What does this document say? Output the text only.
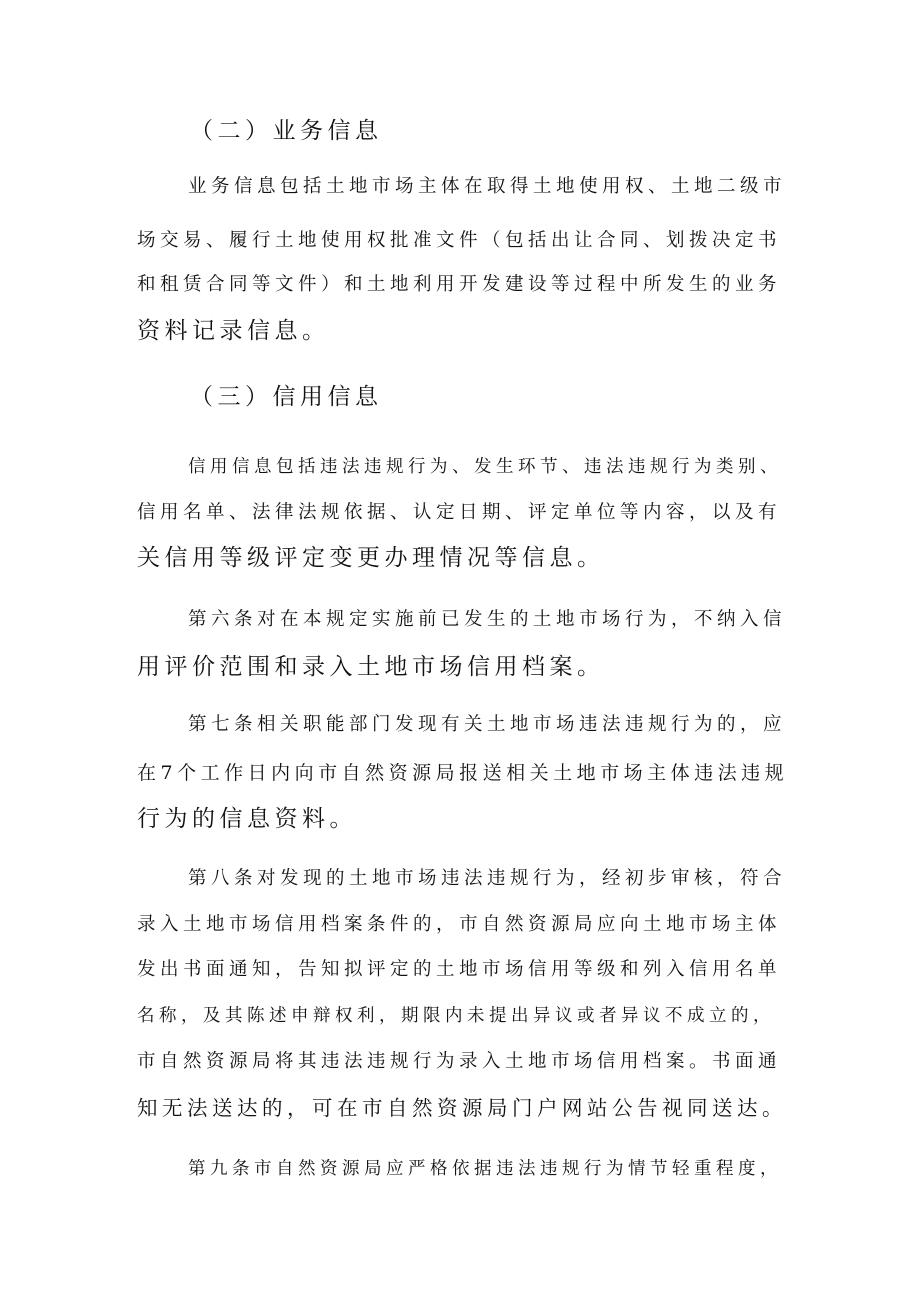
（二）业务信息
业务信息包括土地市场主体在取得土地使用权、土地二级市
场交易、履行土地使用权批准文件（包括出让合同、划拨决定书
和租赁合同等文件）和土地利用开发建设等过程中所发生的业务
资料记录信息。
（三）信用信息
信用信息包括违法违规行为、发生环节、违法违规行为类别、
信用名单、法律法规依据、认定日期、评定单位等内容，以及有
关信用等级评定变更办理情况等信息。
第六条对在本规定实施前已发生的土地市场行为，不纳入信
用评价范围和录入土地市场信用档案。
第七条相关职能部门发现有关土地市场违法违规行为的，应
在7个工作日内向市自然资源局报送相关土地市场主体违法违规
行为的信息资料。
第八条对发现的土地市场违法违规行为，经初步审核，符合
录入土地市场信用档案条件的，市自然资源局应向土地市场主体
发出书面通知，告知拟评定的土地市场信用等级和列入信用名单
名称，及其陈述申辩权利，期限内未提出异议或者异议不成立的，
市自然资源局将其违法违规行为录入土地市场信用档案。书面通
知无法送达的，可在市自然资源局门户网站公告视同送达。
第九条市自然资源局应严格依据违法违规行为情节轻重程度，
